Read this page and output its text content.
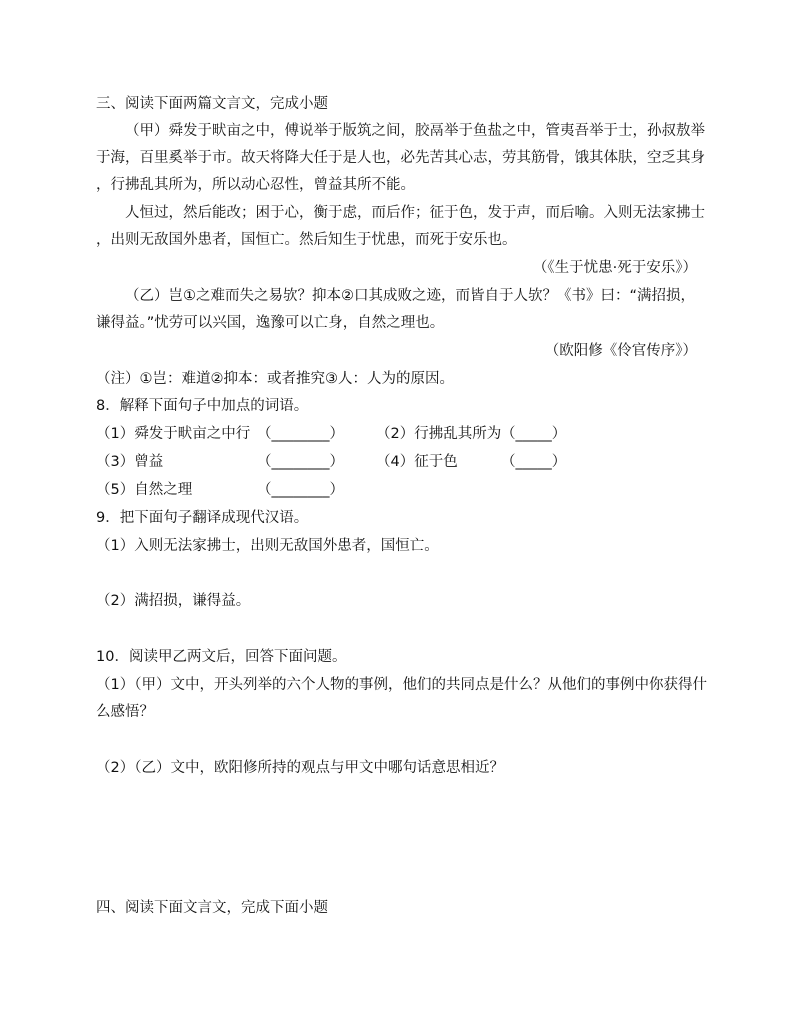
三、阅读下面两篇文言文，完成小题
（甲）舜发于畎亩之中，傅说举于版筑之间，胶鬲举于鱼盐之中，管夷吾举于士，孙叔敖举
于海，百里奚举于市。故天将降大任于是人也，必先苦其心志，劳其筋骨，饿其体肤，空乏其身
，行拂乱其所为，所以动心忍性，曾益其所不能。
人恒过，然后能改；困于心，衡于虑，而后作；征于色，发于声，而后喻。入则无法家拂士
，出则无敌国外患者，国恒亡。然后知生于忧患，而死于安乐也。
（《生于忧患·死于安乐》）
（乙）岂①之难而失之易欤？抑本②口其成败之迹，而皆自于人欤？《书》曰：“满招损，
谦得益。”忧劳可以兴国，逸豫可以亡身，自然之理也。
（欧阳修《伶官传序》）
（注）①岂：难道②抑本：或者推究③人：人为的原因。
8．解释下面句子中加点的词语。
（1）舜发于畎亩之中行 （________） （2）行拂乱其所为 （_____）
（3）曾益	（________） （4）征于色	（_____）
（5）自然之理	（________）
9．把下面句子翻译成现代汉语。
（1）入则无法家拂士，出则无敌国外患者，国恒亡。
（2）满招损，谦得益。
10．阅读甲乙两文后，回答下面问题。
（1）（甲）文中，开头列举的六个人物的事例，他们的共同点是什么？从他们的事例中你获得什
么感悟？
（2）（乙）文中，欧阳修所持的观点与甲文中哪句话意思相近？
四、阅读下面文言文，完成下面小题
